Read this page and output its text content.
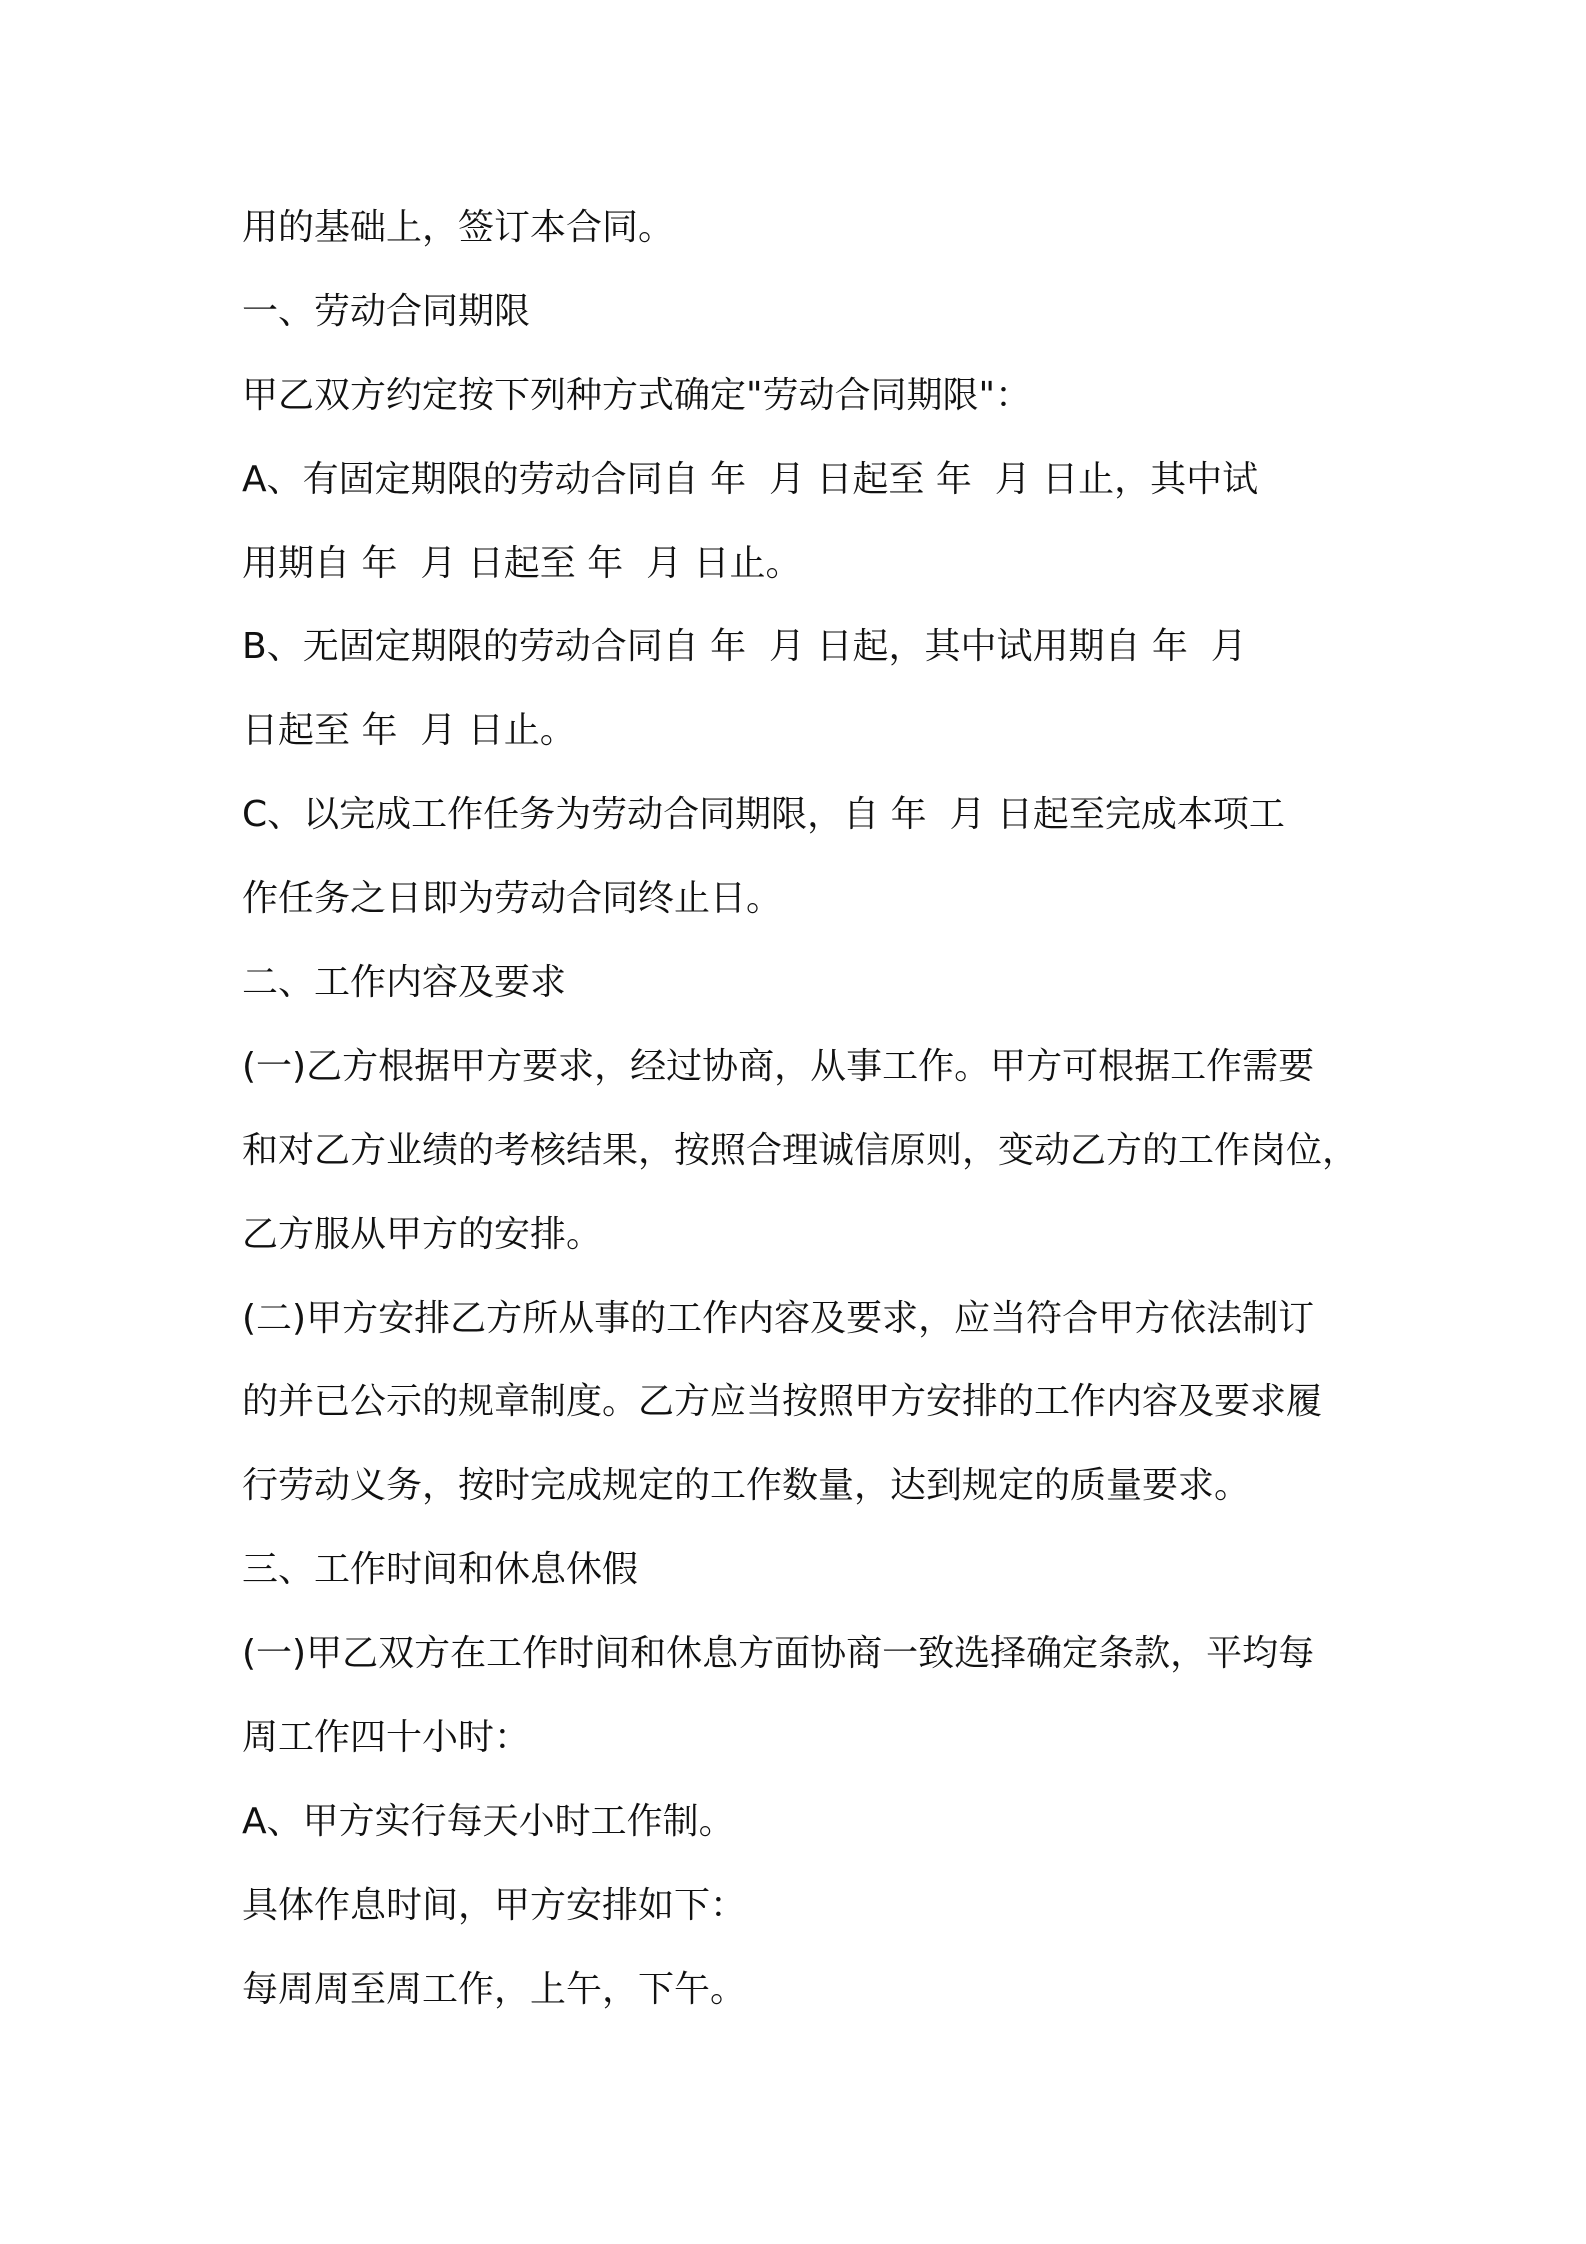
用的基础上，签订本合同。
一、劳动合同期限
甲乙双方约定按下列种方式确定"劳动合同期限"：
A、有固定期限的劳动合同自 年  月 日起至 年  月 日止，其中试
用期自 年  月 日起至 年  月 日止。
B、无固定期限的劳动合同自 年  月 日起，其中试用期自 年  月
日起至 年  月 日止。
C、以完成工作任务为劳动合同期限，自 年  月 日起至完成本项工
作任务之日即为劳动合同终止日。
二、工作内容及要求
(一)乙方根据甲方要求，经过协商，从事工作。甲方可根据工作需要
和对乙方业绩的考核结果，按照合理诚信原则，变动乙方的工作岗位，
乙方服从甲方的安排。
(二)甲方安排乙方所从事的工作内容及要求，应当符合甲方依法制订
的并已公示的规章制度。乙方应当按照甲方安排的工作内容及要求履
行劳动义务，按时完成规定的工作数量，达到规定的质量要求。
三、工作时间和休息休假
(一)甲乙双方在工作时间和休息方面协商一致选择确定条款，平均每
周工作四十小时：
A、甲方实行每天小时工作制。
具体作息时间，甲方安排如下：
每周周至周工作，上午，下午。
